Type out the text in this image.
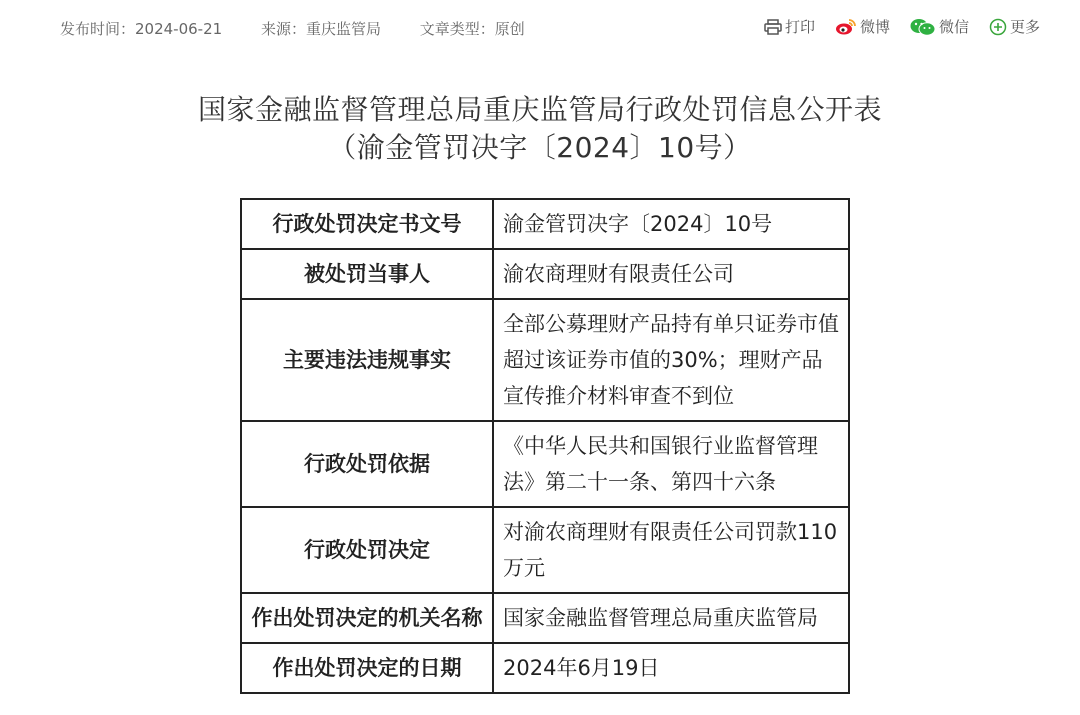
发布时间：2024-06-21	来源：重庆监管局	文章类型：原创	打印	微博	微信	更多
国家金融监督管理总局重庆监管局行政处罚信息公开表
（渝金管罚决字〔2024〕10号）
行政处罚决定书文号	渝金管罚决字〔2024〕10号
被处罚当事人	渝农商理财有限责任公司
主要违法违规事实	全部公募理财产品持有单只证券市值超过该证券市值的30%；理财产品宣传推介材料审查不到位
行政处罚依据	《中华人民共和国银行业监督管理法》第二十一条、第四十六条
行政处罚决定	对渝农商理财有限责任公司罚款110万元
作出处罚决定的机关名称	国家金融监督管理总局重庆监管局
作出处罚决定的日期	2024年6月19日
